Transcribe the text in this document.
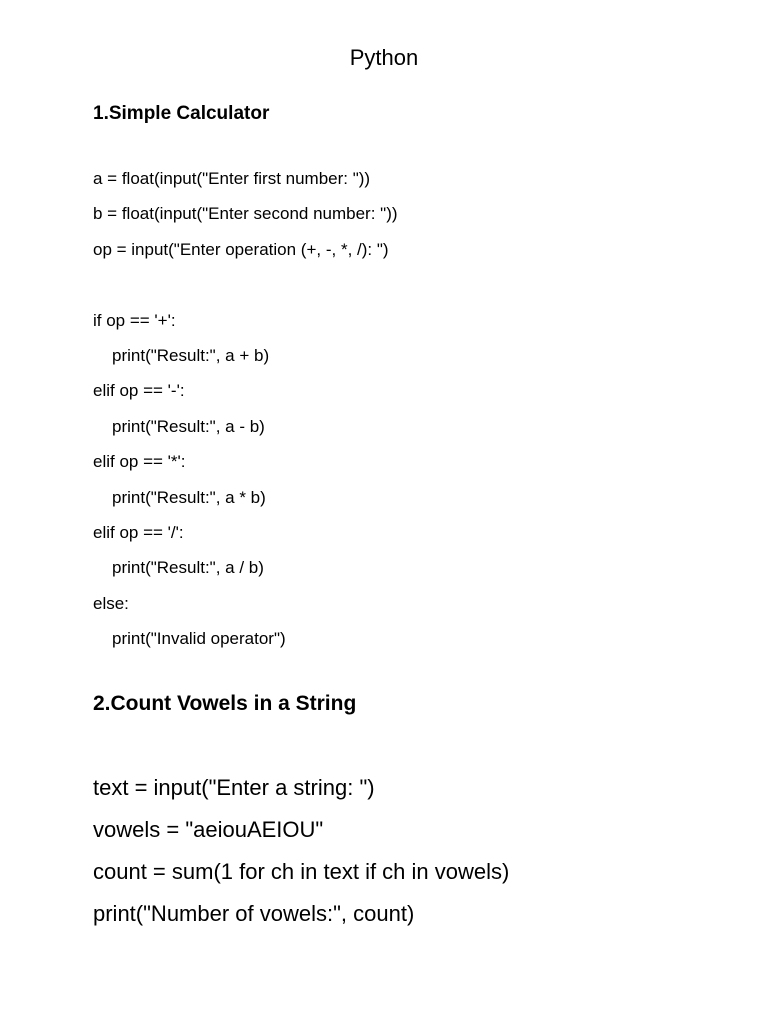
Python
1.Simple Calculator
a = float(input("Enter first number: "))
b = float(input("Enter second number: "))
op = input("Enter operation (+, -, *, /): ")
if op == '+':
print("Result:", a + b)
elif op == '-':
print("Result:", a - b)
elif op == '*':
print("Result:", a * b)
elif op == '/':
print("Result:", a / b)
else:
print("Invalid operator")
2.Count Vowels in a String
text = input("Enter a string: ")
vowels = "aeiouAEIOU"
count = sum(1 for ch in text if ch in vowels)
print("Number of vowels:", count)
